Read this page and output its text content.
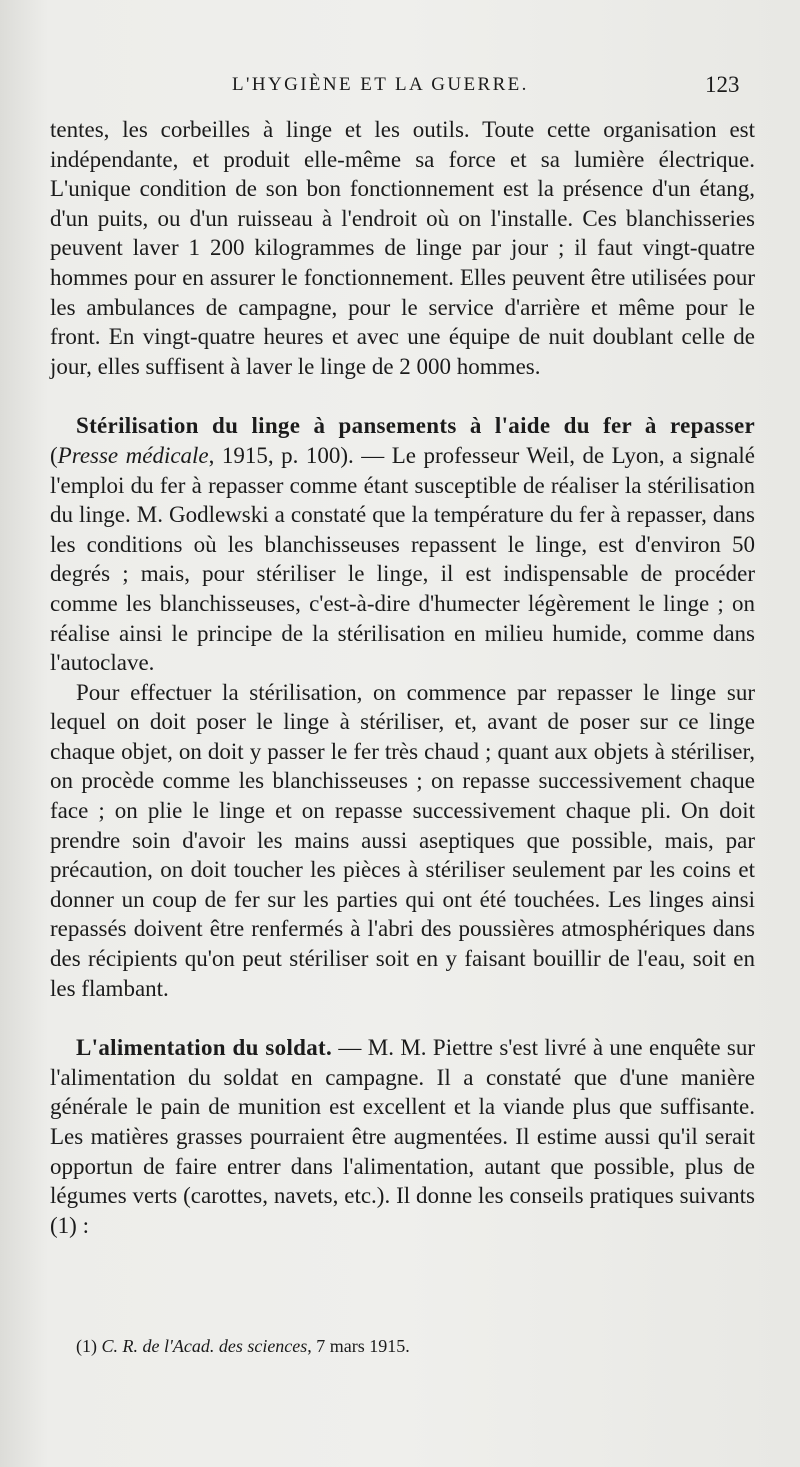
L'HYGIÈNE ET LA GUERRE.	123

tentes, les corbeilles à linge et les outils. Toute cette organisation est indépendante, et produit elle-même sa force et sa lumière électrique. L'unique condition de son bon fonctionnement est la présence d'un étang, d'un puits, ou d'un ruisseau à l'endroit où on l'installe. Ces blanchisseries peuvent laver 1 200 kilogrammes de linge par jour ; il faut vingt-quatre hommes pour en assurer le fonctionnement. Elles peuvent être utilisées pour les ambulances de campagne, pour le service d'arrière et même pour le front. En vingt-quatre heures et avec une équipe de nuit doublant celle de jour, elles suffisent à laver le linge de 2 000 hommes.

Stérilisation du linge à pansements à l'aide du fer à repasser (Presse médicale, 1915, p. 100). — Le professeur Weil, de Lyon, a signalé l'emploi du fer à repasser comme étant susceptible de réaliser la stérilisation du linge. M. Godlewski a constaté que la température du fer à repasser, dans les conditions où les blanchisseuses repassent le linge, est d'environ 50 degrés ; mais, pour stériliser le linge, il est indispensable de procéder comme les blanchisseuses, c'est-à-dire d'humecter légèrement le linge ; on réalise ainsi le principe de la stérilisation en milieu humide, comme dans l'autoclave.

Pour effectuer la stérilisation, on commence par repasser le linge sur lequel on doit poser le linge à stériliser, et, avant de poser sur ce linge chaque objet, on doit y passer le fer très chaud ; quant aux objets à stériliser, on procède comme les blanchisseuses ; on repasse successivement chaque face ; on plie le linge et on repasse successivement chaque pli. On doit prendre soin d'avoir les mains aussi aseptiques que possible, mais, par précaution, on doit toucher les pièces à stériliser seulement par les coins et donner un coup de fer sur les parties qui ont été touchées. Les linges ainsi repassés doivent être renfermés à l'abri des poussières atmosphériques dans des récipients qu'on peut stériliser soit en y faisant bouillir de l'eau, soit en les flambant.

L'alimentation du soldat. — M. M. Piettre s'est livré à une enquête sur l'alimentation du soldat en campagne. Il a constaté que d'une manière générale le pain de munition est excellent et la viande plus que suffisante. Les matières grasses pourraient être augmentées. Il estime aussi qu'il serait opportun de faire entrer dans l'alimentation, autant que possible, plus de légumes verts (carottes, navets, etc.). Il donne les conseils pratiques suivants (1) :

(1) C. R. de l'Acad. des sciences, 7 mars 1915.
